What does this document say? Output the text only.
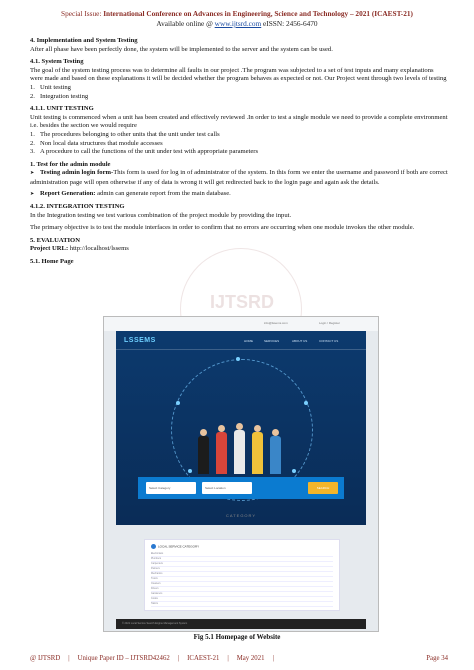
Special Issue: International Conference on Advances in Engineering, Science and Technology – 2021 (ICAEST-21)
Available online @ www.ijtsrd.com eISSN: 2456-6470
4. Implementation and System Testing
After all phase have been perfectly done, the system will be implemented to the server and the system can be used.
4.1. System Testing
The goal of the system testing process was to determine all faults in our project .The program was subjected to a set of test inputs and many explanations were made and based on these explanations it will be decided whether the program behaves as expected or not. Our Project went through two levels of testing
1. Unit testing
2. Integration testing
4.1.1. UNIT TESTING
Unit testing is commenced when a unit has been created and effectively reviewed .In order to test a single module we need to provide a complete environment i.e. besides the section we would require
1. The procedures belonging to other units that the unit under test calls
2. Non local data structures that module accesses
3. A procedure to call the functions of the unit under test with appropriate parameters
1. Test for the admin module
➤ Testing admin login form-This form is used for log in of administrator of the system. In this form we enter the username and password if both are correct administration page will open otherwise if any of data is wrong it will get redirected back to the login page and again ask the details.
➤ Report Generation: admin can generate report from the main database.
4.1.2. INTEGRATION TESTING
In the Integration testing we test various combination of the project module by providing the input.
The primary objective is to test the module interfaces in order to confirm that no errors are occurring when one module invokes the other module.
5. EVALUATION
Project URL: http://localhost/lssems
5.1. Home Page
IJTSRD
info@lssems.com	Login / Register
LSSEMS	HOME	SERVICES	ABOUT US	CONTACT US
Select Category	Select Location	SEARCH
CATEGORY
LOCAL SERVICE CATEGORY
Electricians
Plumbers
Carpenters
Painters
Mechanics
Tutors
Cleaners
Drivers
Gardeners
Cooks
Tailors
© 2021 Local Service Search Engine Management System
Fig 5.1 Homepage of Website
@ IJTSRD | Unique Paper ID – IJTSRD42462 | ICAEST-21 | May 2021 |	Page 34
